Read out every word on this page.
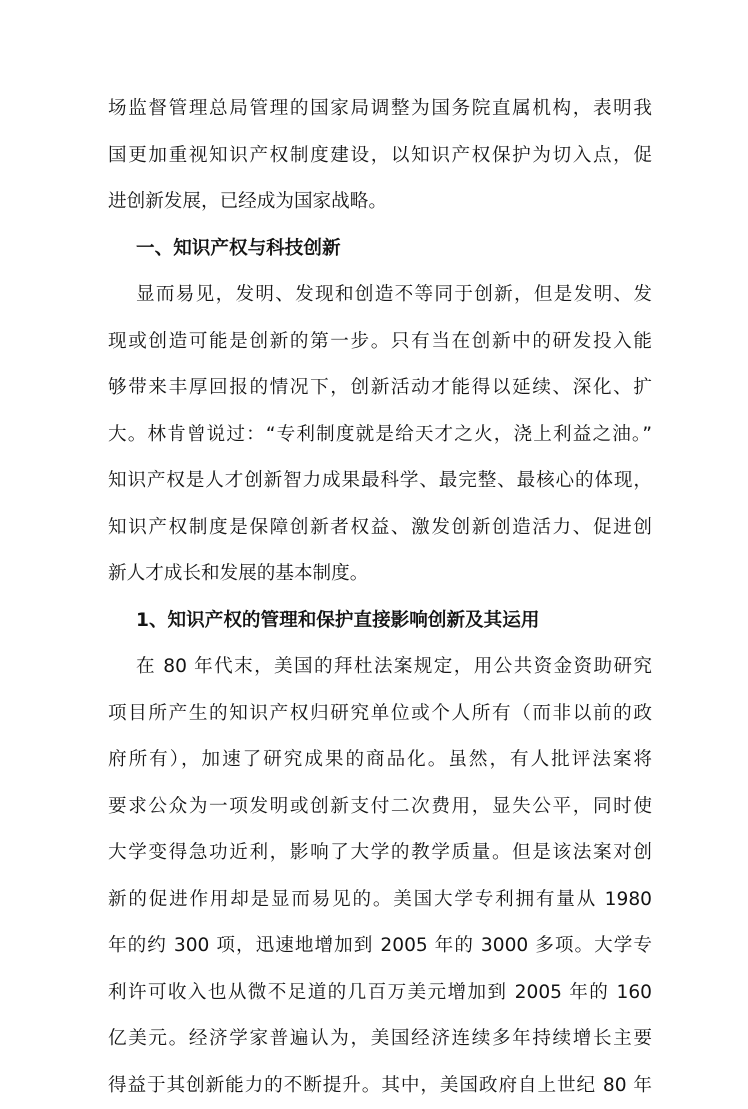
场监督管理总局管理的国家局调整为国务院直属机构，表明我
国更加重视知识产权制度建设，以知识产权保护为切入点，促
进创新发展，已经成为国家战略。
一、知识产权与科技创新
显而易见，发明、发现和创造不等同于创新，但是发明、发
现或创造可能是创新的第一步。只有当在创新中的研发投入能
够带来丰厚回报的情况下，创新活动才能得以延续、深化、扩
大。林肯曾说过：“专利制度就是给天才之火，浇上利益之油。”
知识产权是人才创新智力成果最科学、最完整、最核心的体现，
知识产权制度是保障创新者权益、激发创新创造活力、促进创
新人才成长和发展的基本制度。
1、知识产权的管理和保护直接影响创新及其运用
在 80 年代末，美国的拜杜法案规定，用公共资金资助研究
项目所产生的知识产权归研究单位或个人所有（而非以前的政
府所有），加速了研究成果的商品化。虽然，有人批评法案将
要求公众为一项发明或创新支付二次费用，显失公平，同时使
大学变得急功近利，影响了大学的教学质量。但是该法案对创
新的促进作用却是显而易见的。美国大学专利拥有量从 1980
年的约 300 项，迅速地增加到 2005 年的 3000 多项。大学专
利许可收入也从微不足道的几百万美元增加到 2005 年的 160
亿美元。经济学家普遍认为，美国经济连续多年持续增长主要
得益于其创新能力的不断提升。其中，美国政府自上世纪 80 年
